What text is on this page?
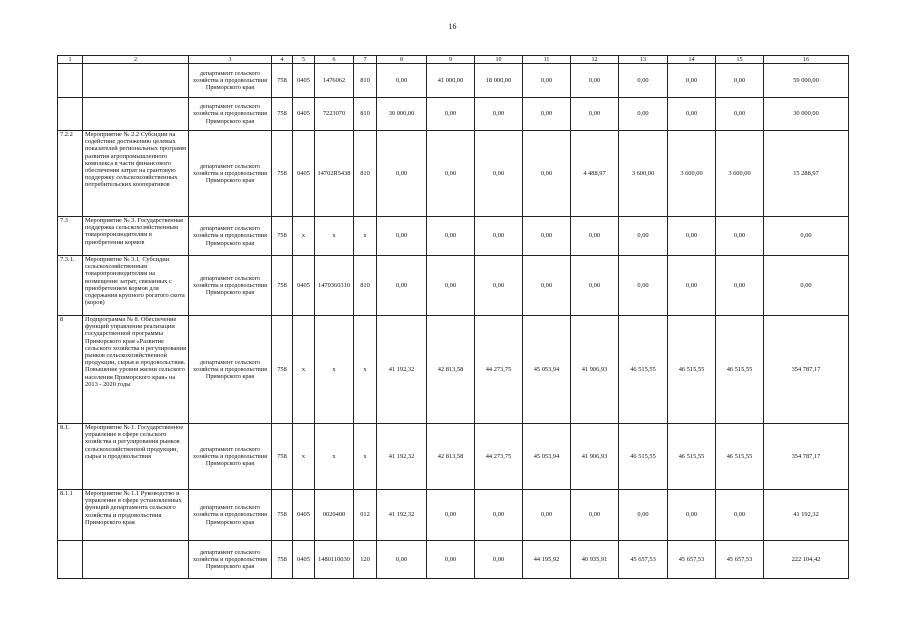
16
1	2	3	4	5	6	7	8	9	10	11	12	13	14	15	16
		департамент сельского хозяйства и продовольствия Приморского края	758	0405	1476062	810	0,00	41 000,00	18 000,00	0,00	0,00	0,00	0,00	0,00	59 000,00
		департамент сельского хозяйства и продовольствия Приморского края	758	0405	7223070	810	30 000,00	0,00	0,00	0,00	0,00	0,00	0,00	0,00	30 000,00
7.2.2	Мероприятие № 2.2 Субсидии на содействие достижению целевых показателей региональных программ развития агропромышленного комплекса в части финансового обеспечения затрат на грантовую поддержку сельскохозяйственных потребительских кооперативов	департамент сельского хозяйства и продовольствия Приморского края	758	0405	14702R5438	810	0,00	0,00	0,00	0,00	4 488,97	3 600,00	3 600,00	3 600,00	15 288,97
7.3	Мероприятие № 3. Государственная поддержка сельскохозяйственным товаропроизводителям в приобретении кормов	департамент сельского хозяйства и продовольствия Приморского края	758	x	x	x	0,00	0,00	0,00	0,00	0,00	0,00	0,00	0,00	0,00
7.3.1.	Мероприятие № 3.1. Субсидии сельскохозяйственным товаропроизводителям на возмещение затрат, связанных с приобретением кормов для содержания крупного рогатого скота (коров)	департамент сельского хозяйства и продовольствия Приморского края	758	0405	1470360310	810	0,00	0,00	0,00	0,00	0,00	0,00	0,00	0,00	0,00
8	Подпрограмма № 8. Обеспечение функций управления реализации государственной программы Приморского края «Развитие сельского хозяйства и регулирования рынков сельскохозяйственной продукции, сырья и продовольствия. Повышение уровня жизни сельского населения Приморского края» на 2013 - 2020 годы	департамент сельского хозяйства и продовольствия Приморского края	758	x	x	x	41 192,32	42 813,58	44 273,75	45 053,94	41 906,93	46 515,55	46 515,55	46 515,55	354 787,17
8.1.	Мероприятие № 1. Государственное управление в сфере сельского хозяйства и регулирования рынков сельскохозяйственной продукции, сырья и продовольствия	департамент сельского хозяйства и продовольствия Приморского края	758	x	x	x	41 192,32	42 813,58	44 273,75	45 053,94	41 906,93	46 515,55	46 515,55	46 515,55	354 787,17
8.1.1	Мероприятие № 1.1 Руководство и управление в сфере установленных функций департамента сельского хозяйства и продовольствия Приморского края	департамент сельского хозяйства и продовольствия Приморского края	758	0405	0020400	012	41 192,32	0,00	0,00	0,00	0,00	0,00	0,00	0,00	41 192,32
		департамент сельского хозяйства и продовольствия Приморского края	758	0405	1480110030	120	0,00	0,00	0,00	44 195,92	40 935,91	45 657,53	45 657,53	45 657,53	222 104,42
